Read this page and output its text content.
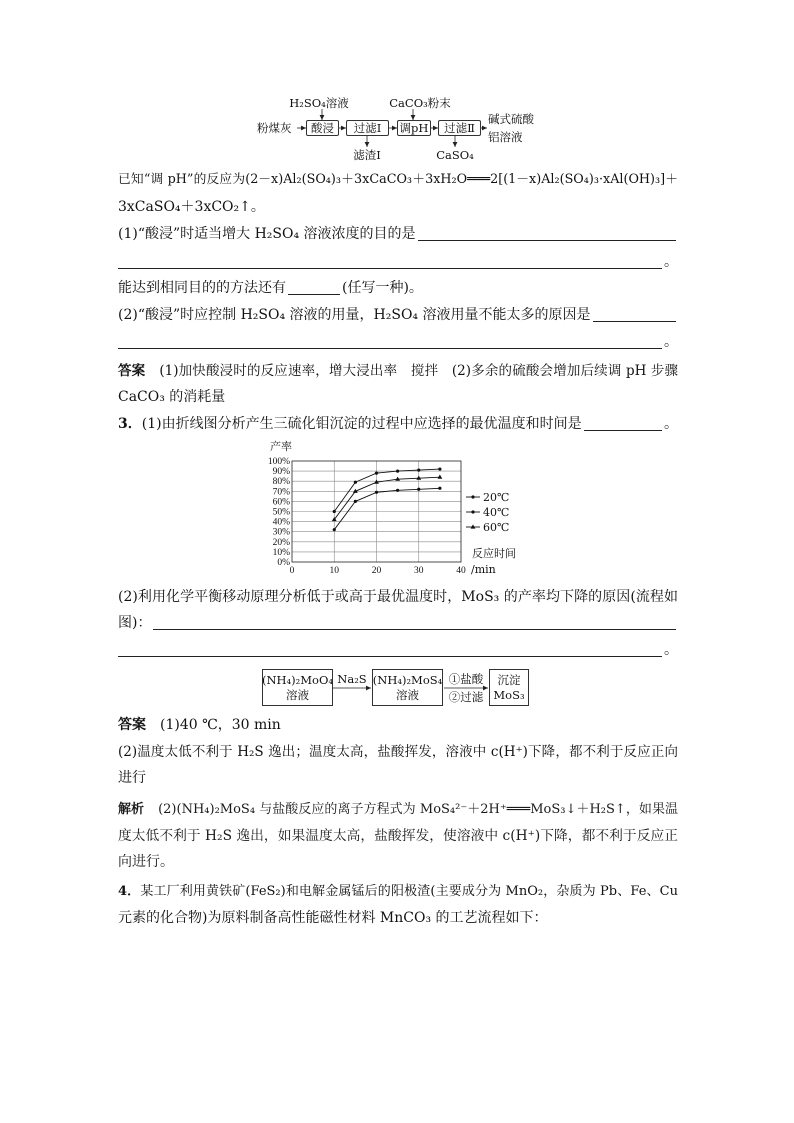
H₂SO₄溶液	CaCO₃粉末
粉煤灰	酸浸	过滤Ⅰ	调pH	过滤Ⅱ
碱式硫酸
铝溶液
滤渣Ⅰ	CaSO₄
已知“调 pH”的反应为(2－x)Al₂(SO₄)₃＋3xCaCO₃＋3xH₂O═══2[(1－x)Al₂(SO₄)₃·xAl(OH)₃]＋
3xCaSO₄＋3xCO₂↑。
(1)“酸浸”时适当增大 H₂SO₄ 溶液浓度的目的是
。
能达到相同目的的方法还有	(任写一种)。
(2)“酸浸”时应控制 H₂SO₄ 溶液的用量，H₂SO₄ 溶液用量不能太多的原因是
。
答案 (1)加快酸浸时的反应速率，增大浸出率　搅拌　(2)多余的硫酸会增加后续调 pH 步骤
CaCO₃ 的消耗量
3． (1)由折线图分析产生三硫化钼沉淀的过程中应选择的最优温度和时间是	。
0%
10%
20%
30%
40%
50%
60%
70%
80%
90%
100%
0	10	20	30	40
产率
反应时间
/min
20℃
40℃
60℃
(2)利用化学平衡移动原理分析低于或高于最优温度时，MoS₃ 的产率均下降的原因(流程如
图)：
。
(NH₄)₂MoO₄
溶液
Na₂S (NH₄)₂MoS₄
溶液
①盐酸
②过滤
沉淀
MoS₃
答案 (1)40 ℃，30 min
(2)温度太低不利于 H₂S 逸出；温度太高，盐酸挥发，溶液中 c(H⁺)下降，都不利于反应正向
进行
解析 (2)(NH₄)₂MoS₄ 与盐酸反应的离子方程式为 MoS₄²⁻＋2H⁺═══MoS₃↓＋H₂S↑，如果温
度太低不利于 H₂S 逸出，如果温度太高，盐酸挥发，使溶液中 c(H⁺)下降，都不利于反应正
向进行。
4．某工厂利用黄铁矿(FeS₂)和电解金属锰后的阳极渣(主要成分为 MnO₂，杂质为 Pb、Fe、Cu
元素的化合物)为原料制备高性能磁性材料 MnCO₃ 的工艺流程如下：
